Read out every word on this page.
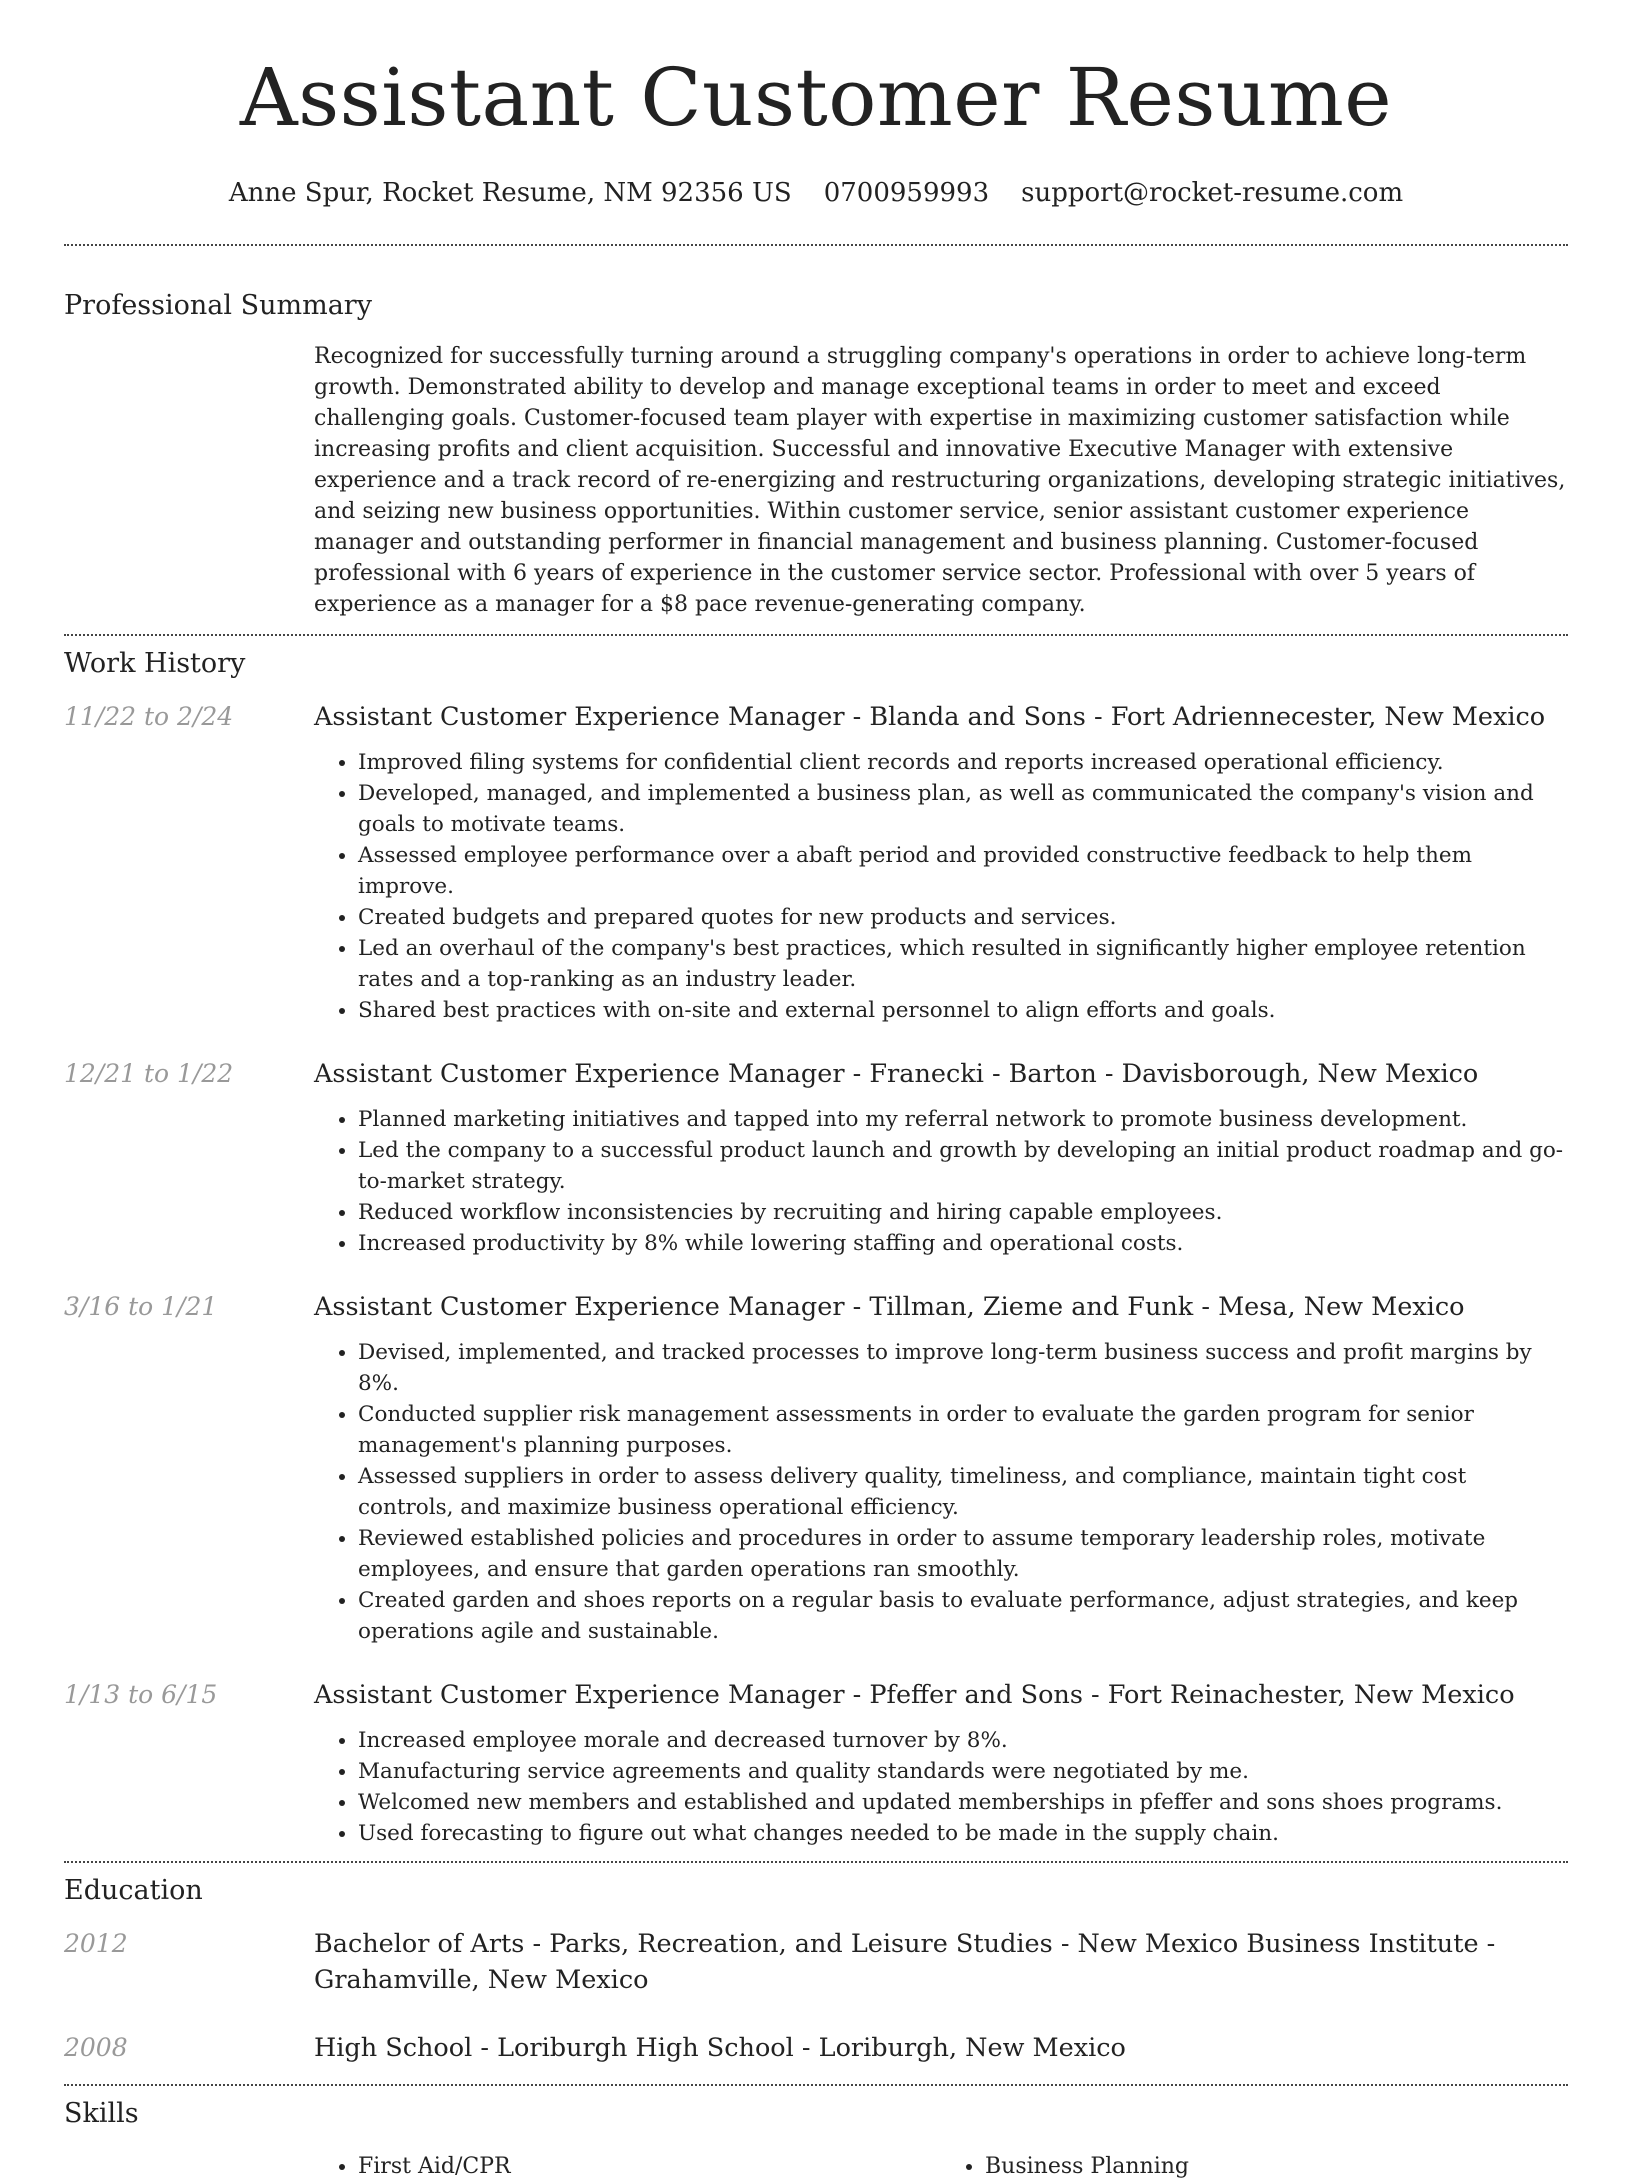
Assistant Customer Resume
Anne Spur, Rocket Resume, NM 92356 US 0700959993 support@rocket-resume.com
Professional Summary

Recognized for successfully turning around a struggling company's operations in order to achieve long-term growth. Demonstrated ability to develop and manage exceptional teams in order to meet and exceed challenging goals. Customer-focused team player with expertise in maximizing customer satisfaction while increasing profits and client acquisition. Successful and innovative Executive Manager with extensive experience and a track record of re-energizing and restructuring organizations, developing strategic initiatives, and seizing new business opportunities. Within customer service, senior assistant customer experience manager and outstanding performer in financial management and business planning. Customer-focused professional with 6 years of experience in the customer service sector. Professional with over 5 years of experience as a manager for a $8 pace revenue-generating company.

Work History
11/22 to 2/24	Assistant Customer Experience Manager - Blanda and Sons - Fort Adriennecester, New Mexico
• Improved filing systems for confidential client records and reports increased operational efficiency.
• Developed, managed, and implemented a business plan, as well as communicated the company's vision and goals to motivate teams.
• Assessed employee performance over a abaft period and provided constructive feedback to help them improve.
• Created budgets and prepared quotes for new products and services.
• Led an overhaul of the company's best practices, which resulted in significantly higher employee retention rates and a top-ranking as an industry leader.
• Shared best practices with on-site and external personnel to align efforts and goals.
12/21 to 1/22	Assistant Customer Experience Manager - Franecki - Barton - Davisborough, New Mexico
• Planned marketing initiatives and tapped into my referral network to promote business development.
• Led the company to a successful product launch and growth by developing an initial product roadmap and go-to-market strategy.
• Reduced workflow inconsistencies by recruiting and hiring capable employees.
• Increased productivity by 8% while lowering staffing and operational costs.
3/16 to 1/21	Assistant Customer Experience Manager - Tillman, Zieme and Funk - Mesa, New Mexico
• Devised, implemented, and tracked processes to improve long-term business success and profit margins by 8%.
• Conducted supplier risk management assessments in order to evaluate the garden program for senior management's planning purposes.
• Assessed suppliers in order to assess delivery quality, timeliness, and compliance, maintain tight cost controls, and maximize business operational efficiency.
• Reviewed established policies and procedures in order to assume temporary leadership roles, motivate employees, and ensure that garden operations ran smoothly.
• Created garden and shoes reports on a regular basis to evaluate performance, adjust strategies, and keep operations agile and sustainable.
1/13 to 6/15	Assistant Customer Experience Manager - Pfeffer and Sons - Fort Reinachester, New Mexico
• Increased employee morale and decreased turnover by 8%.
• Manufacturing service agreements and quality standards were negotiated by me.
• Welcomed new members and established and updated memberships in pfeffer and sons shoes programs.
• Used forecasting to figure out what changes needed to be made in the supply chain.
Education
2012	Bachelor of Arts - Parks, Recreation, and Leisure Studies - New Mexico Business Institute - Grahamville, New Mexico
2008	High School - Loriburgh High School - Loriburgh, New Mexico
Skills
• First Aid/CPR
•	Business Planning
